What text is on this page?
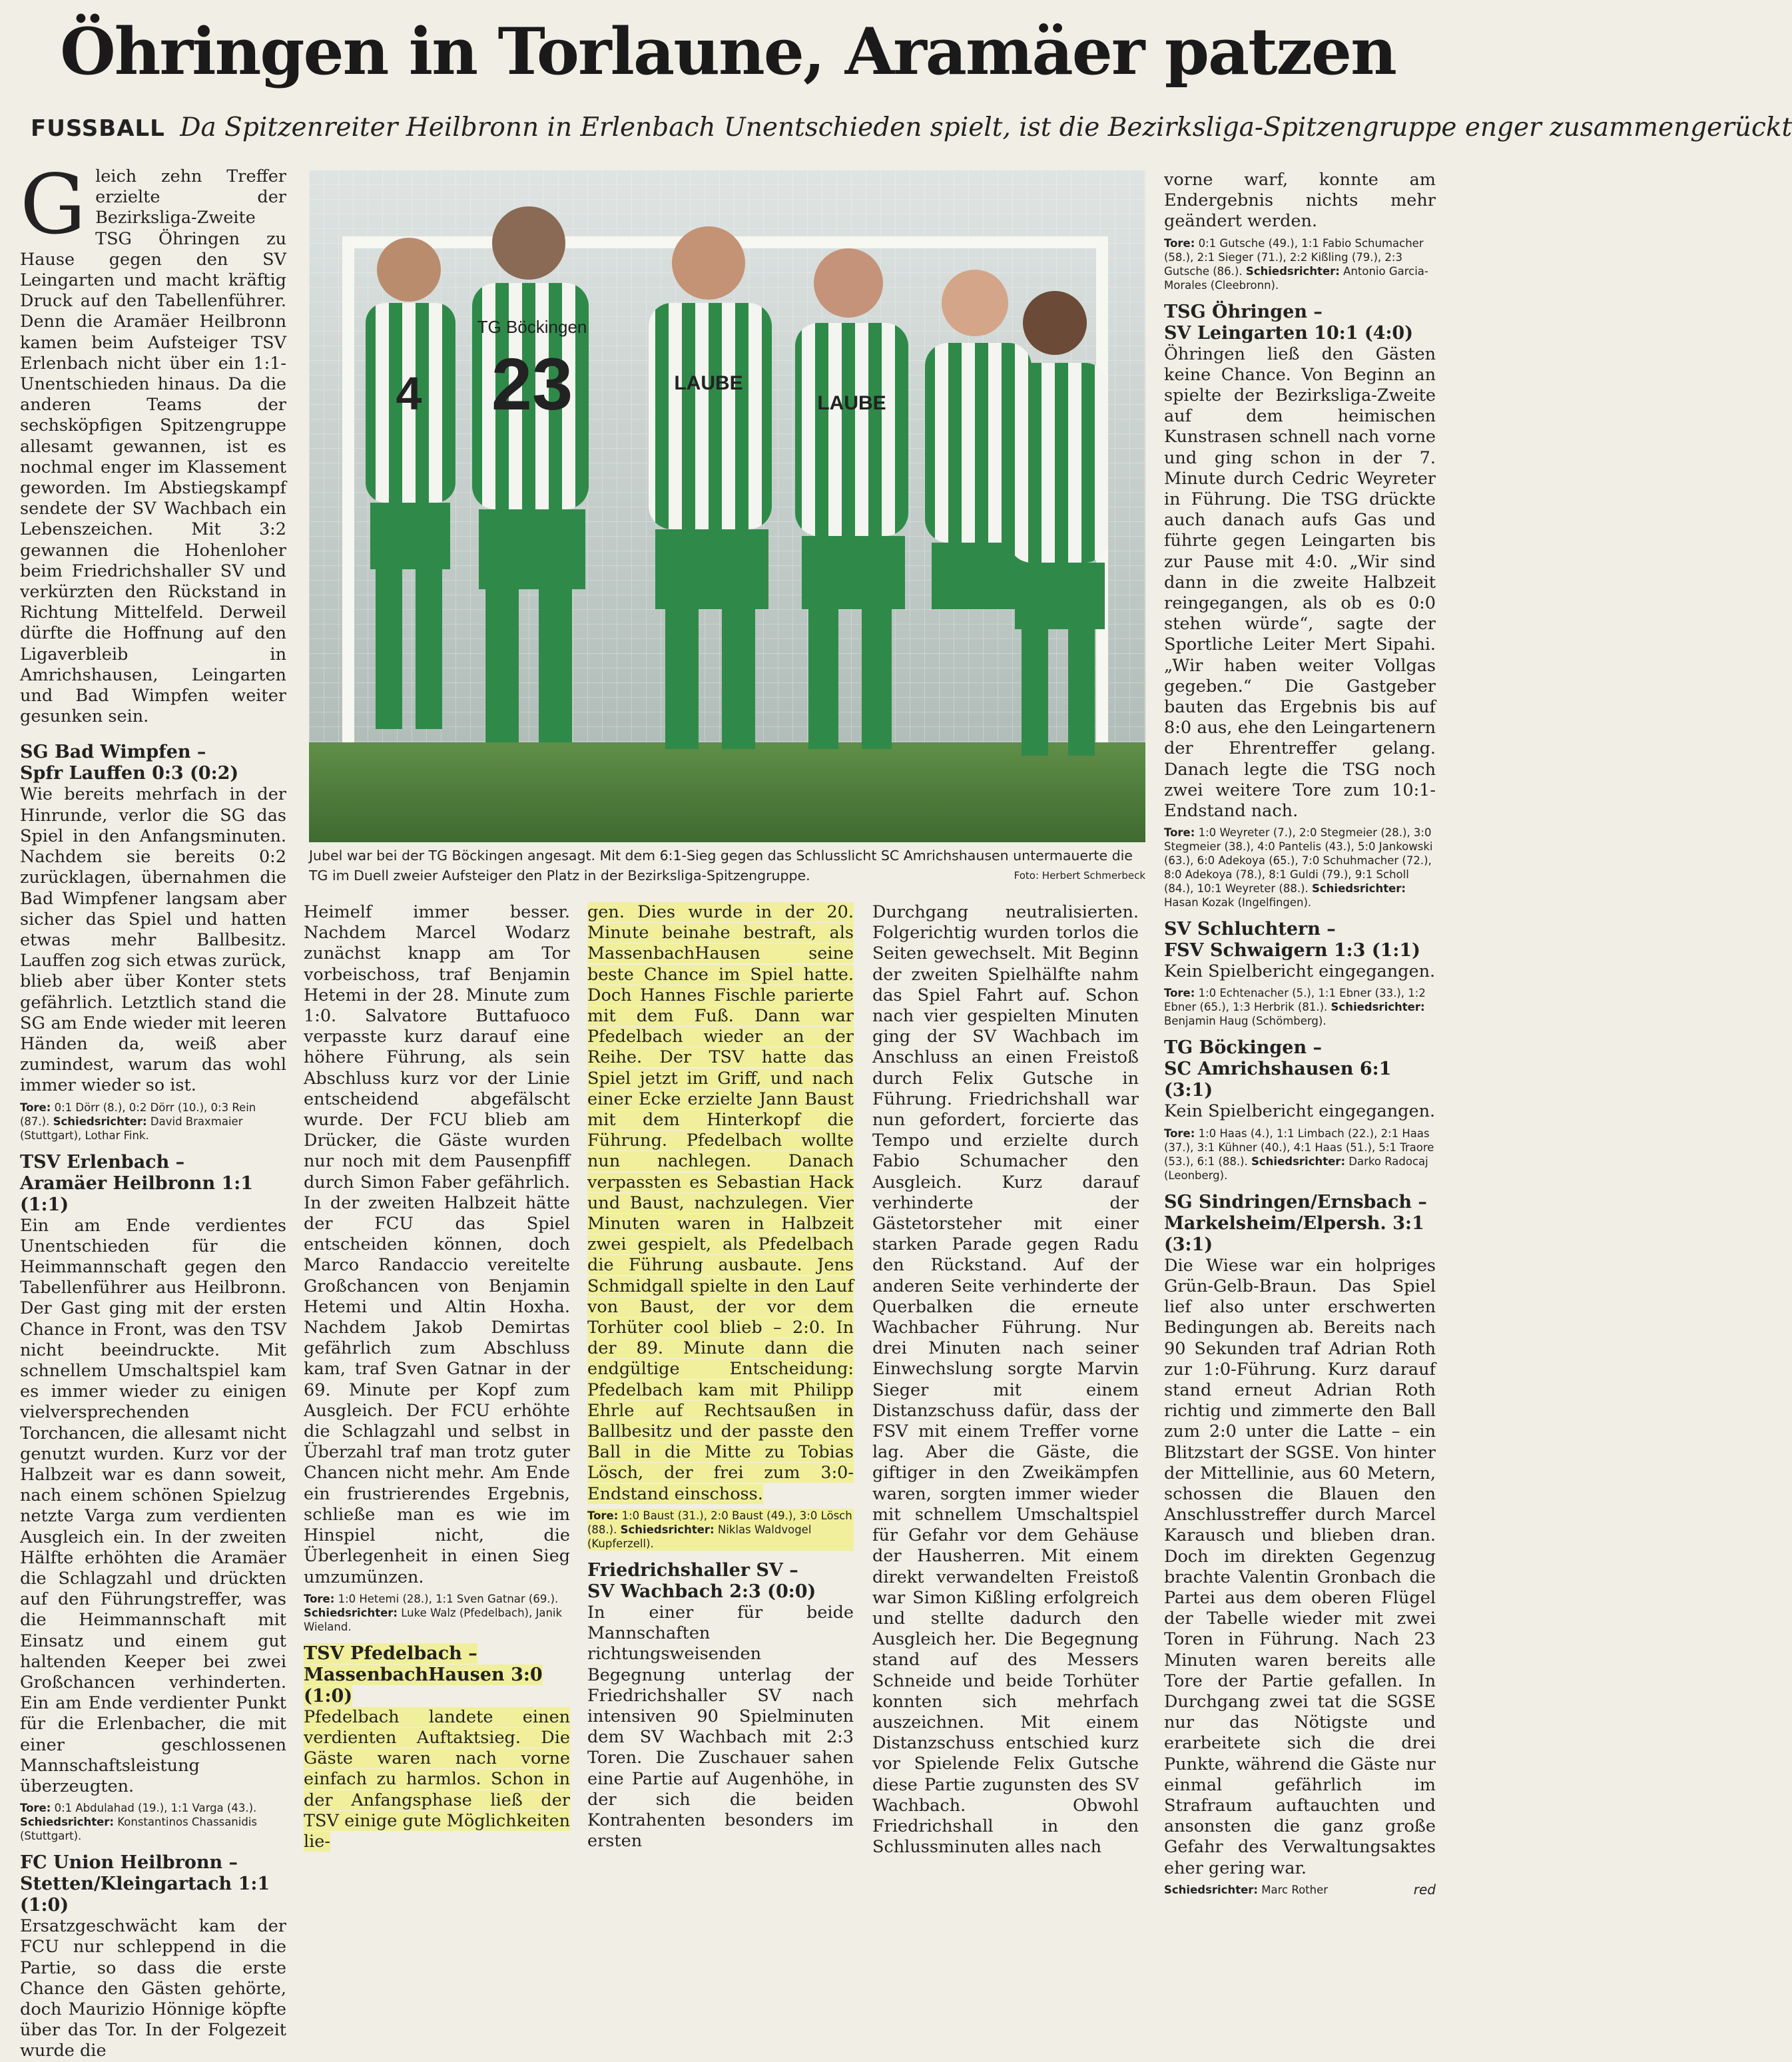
Öhringen in Torlaune, Aramäer patzen
FUSSBALL Da Spitzenreiter Heilbronn in Erlenbach Unentschieden spielt, ist die Bezirksliga-Spitzengruppe enger zusammengerückt

G leich zehn Treffer erzielte der Bezirksliga-Zweite TSG Öhringen zu Hause gegen den SV Leingarten und macht kräftig Druck auf den Tabellenführer. Denn die Aramäer Heilbronn kamen beim Aufsteiger TSV Erlenbach nicht über ein 1:1-Unentschieden hinaus. Da die anderen Teams der sechsköpfigen Spitzengruppe allesamt gewannen, ist es nochmal enger im Klassement geworden. Im Abstiegskampf sendete der SV Wachbach ein Lebenszeichen. Mit 3:2 gewannen die Hohenloher beim Friedrichshaller SV und verkürzten den Rückstand in Richtung Mittelfeld. Derweil dürfte die Hoffnung auf den Ligaverbleib in Amrichshausen, Leingarten und Bad Wimpfen weiter gesunken sein.

SG Bad Wimpfen –
Spfr Lauffen 0:3 (0:2)

Wie bereits mehrfach in der Hinrunde, verlor die SG das Spiel in den Anfangsminuten. Nachdem sie bereits 0:2 zurücklagen, übernahmen die Bad Wimpfener langsam aber sicher das Spiel und hatten etwas mehr Ballbesitz. Lauffen zog sich etwas zurück, blieb aber über Konter stets gefährlich. Letztlich stand die SG am Ende wieder mit leeren Händen da, weiß aber zumindest, warum das wohl immer wieder so ist.

Tore: 0:1 Dörr (8.), 0:2 Dörr (10.), 0:3 Rein (87.). Schiedsrichter: David Braxmaier (Stuttgart), Lothar Fink.
TSV Erlenbach –
Aramäer Heilbronn 1:1 (1:1)

Ein am Ende verdientes Unentschieden für die Heimmannschaft gegen den Tabellenführer aus Heilbronn. Der Gast ging mit der ersten Chance in Front, was den TSV nicht beeindruckte. Mit schnellem Umschaltspiel kam es immer wieder zu einigen vielversprechenden Torchancen, die allesamt nicht genutzt wurden. Kurz vor der Halbzeit war es dann soweit, nach einem schönen Spielzug netzte Varga zum verdienten Ausgleich ein. In der zweiten Hälfte erhöhten die Aramäer die Schlagzahl und drückten auf den Führungstreffer, was die Heimmannschaft mit Einsatz und einem gut haltenden Keeper bei zwei Großchancen verhinderten. Ein am Ende verdienter Punkt für die Erlenbacher, die mit einer geschlossenen Mannschaftsleistung überzeugten.

Tore: 0:1 Abdulahad (19.), 1:1 Varga (43.). Schiedsrichter: Konstantinos Chassanidis (Stuttgart).
FC Union Heilbronn –
Stetten/Kleingartach 1:1 (1:0)

Ersatzgeschwächt kam der FCU nur schleppend in die Partie, so dass die erste Chance den Gästen gehörte, doch Maurizio Hönnige köpfte über das Tor. In der Folgezeit wurde die

4
TG Böckingen
23	LAUBE
LAUBE
Jubel war bei der TG Böckingen angesagt. Mit dem 6:1-Sieg gegen das Schlusslicht SC Amrichshausen untermauerte die TG im Duell zweier Aufsteiger den Platz in der Bezirksliga-Spitzengruppe.	Foto: Herbert Schmerbeck

Heimelf immer besser. Nachdem Marcel Wodarz zunächst knapp am Tor vorbeischoss, traf Benjamin Hetemi in der 28. Minute zum 1:0. Salvatore Buttafuoco verpasste kurz darauf eine höhere Führung, als sein Abschluss kurz vor der Linie entscheidend abgefälscht wurde. Der FCU blieb am Drücker, die Gäste wurden nur noch mit dem Pausenpfiff durch Simon Faber gefährlich. In der zweiten Halbzeit hätte der FCU das Spiel entscheiden können, doch Marco Randaccio vereitelte Großchancen von Benjamin Hetemi und Altin Hoxha. Nachdem Jakob Demirtas gefährlich zum Abschluss kam, traf Sven Gatnar in der 69. Minute per Kopf zum Ausgleich. Der FCU erhöhte die Schlagzahl und selbst in Überzahl traf man trotz guter Chancen nicht mehr. Am Ende ein frustrierendes Ergebnis, schließe man es wie im Hinspiel nicht, die Überlegenheit in einen Sieg umzumünzen.

Tore: 1:0 Hetemi (28.), 1:1 Sven Gatnar (69.). Schiedsrichter: Luke Walz (Pfedelbach), Janik Wieland.
TSV Pfedelbach –
MassenbachHausen 3:0 (1:0)

Pfedelbach landete einen verdienten Auftaktsieg. Die Gäste waren nach vorne einfach zu harmlos. Schon in der Anfangsphase ließ der TSV einige gute Möglichkeiten lie-

gen. Dies wurde in der 20. Minute beinahe bestraft, als MassenbachHausen seine beste Chance im Spiel hatte. Doch Hannes Fischle parierte mit dem Fuß. Dann war Pfedelbach wieder an der Reihe. Der TSV hatte das Spiel jetzt im Griff, und nach einer Ecke erzielte Jann Baust mit dem Hinterkopf die Führung. Pfedelbach wollte nun nachlegen. Danach verpassten es Sebastian Hack und Baust, nachzulegen. Vier Minuten waren in Halbzeit zwei gespielt, als Pfedelbach die Führung ausbaute. Jens Schmidgall spielte in den Lauf von Baust, der vor dem Torhüter cool blieb – 2:0. In der 89. Minute dann die endgültige Entscheidung: Pfedelbach kam mit Philipp Ehrle auf Rechtsaußen in Ballbesitz und der passte den Ball in die Mitte zu Tobias Lösch, der frei zum 3:0-Endstand einschoss.

Tore: 1:0 Baust (31.), 2:0 Baust (49.), 3:0 Lösch (88.). Schiedsrichter: Niklas Waldvogel (Kupferzell).
Friedrichshaller SV –
SV Wachbach 2:3 (0:0)

In einer für beide Mannschaften richtungsweisenden Begegnung unterlag der Friedrichshaller SV nach intensiven 90 Spielminuten dem SV Wachbach mit 2:3 Toren. Die Zuschauer sahen eine Partie auf Augenhöhe, in der sich die beiden Kontrahenten besonders im ersten

Durchgang neutralisierten. Folgerichtig wurden torlos die Seiten gewechselt. Mit Beginn der zweiten Spielhälfte nahm das Spiel Fahrt auf. Schon nach vier gespielten Minuten ging der SV Wachbach im Anschluss an einen Freistoß durch Felix Gutsche in Führung. Friedrichshall war nun gefordert, forcierte das Tempo und erzielte durch Fabio Schumacher den Ausgleich. Kurz darauf verhinderte der Gästetorsteher mit einer starken Parade gegen Radu den Rückstand. Auf der anderen Seite verhinderte der Querbalken die erneute Wachbacher Führung. Nur drei Minuten nach seiner Einwechslung sorgte Marvin Sieger mit einem Distanzschuss dafür, dass der FSV mit einem Treffer vorne lag. Aber die Gäste, die giftiger in den Zweikämpfen waren, sorgten immer wieder mit schnellem Umschaltspiel für Gefahr vor dem Gehäuse der Hausherren. Mit einem direkt verwandelten Freistoß war Simon Kißling erfolgreich und stellte dadurch den Ausgleich her. Die Begegnung stand auf des Messers Schneide und beide Torhüter konnten sich mehrfach auszeichnen. Mit einem Distanzschuss entschied kurz vor Spielende Felix Gutsche diese Partie zugunsten des SV Wachbach. Obwohl Friedrichshall in den Schlussminuten alles nach

vorne warf, konnte am Endergebnis nichts mehr geändert werden.

Tore: 0:1 Gutsche (49.), 1:1 Fabio Schumacher (58.), 2:1 Sieger (71.), 2:2 Kißling (79.), 2:3 Gutsche (86.). Schiedsrichter: Antonio Garcia-Morales (Cleebronn).
TSG Öhringen –
SV Leingarten 10:1 (4:0)

Öhringen ließ den Gästen keine Chance. Von Beginn an spielte der Bezirksliga-Zweite auf dem heimischen Kunstrasen schnell nach vorne und ging schon in der 7. Minute durch Cedric Weyreter in Führung. Die TSG drückte auch danach aufs Gas und führte gegen Leingarten bis zur Pause mit 4:0. „Wir sind dann in die zweite Halbzeit reingegangen, als ob es 0:0 stehen würde“, sagte der Sportliche Leiter Mert Sipahi. „Wir haben weiter Vollgas gegeben.“ Die Gastgeber bauten das Ergebnis bis auf 8:0 aus, ehe den Leingartenern der Ehrentreffer gelang. Danach legte die TSG noch zwei weitere Tore zum 10:1-Endstand nach.

Tore: 1:0 Weyreter (7.), 2:0 Stegmeier (28.), 3:0 Stegmeier (38.), 4:0 Pantelis (43.), 5:0 Jankowski (63.), 6:0 Adekoya (65.), 7:0 Schuhmacher (72.), 8:0 Adekoya (78.), 8:1 Guldi (79.), 9:1 Scholl (84.), 10:1 Weyreter (88.). Schiedsrichter: Hasan Kozak (Ingelfingen).
SV Schluchtern –
FSV Schwaigern 1:3 (1:1)

Kein Spielbericht eingegangen.

Tore: 1:0 Echtenacher (5.), 1:1 Ebner (33.), 1:2 Ebner (65.), 1:3 Herbrik (81.). Schiedsrichter: Benjamin Haug (Schömberg).
TG Böckingen –
SC Amrichshausen 6:1 (3:1)

Kein Spielbericht eingegangen.

Tore: 1:0 Haas (4.), 1:1 Limbach (22.), 2:1 Haas (37.), 3:1 Kühner (40.), 4:1 Haas (51.), 5:1 Traore (53.), 6:1 (88.). Schiedsrichter: Darko Radocaj (Leonberg).
SG Sindringen/Ernsbach –
Markelsheim/Elpersh. 3:1 (3:1)

Die Wiese war ein holpriges Grün-Gelb-Braun. Das Spiel lief also unter erschwerten Bedingungen ab. Bereits nach 90 Sekunden traf Adrian Roth zur 1:0-Führung. Kurz darauf stand erneut Adrian Roth richtig und zimmerte den Ball zum 2:0 unter die Latte – ein Blitzstart der SGSE. Von hinter der Mittellinie, aus 60 Metern, schossen die Blauen den Anschlusstreffer durch Marcel Karausch und blieben dran. Doch im direkten Gegenzug brachte Valentin Gronbach die Partei aus dem oberen Flügel der Tabelle wieder mit zwei Toren in Führung. Nach 23 Minuten waren bereits alle Tore der Partie gefallen. In Durchgang zwei tat die SGSE nur das Nötigste und erarbeitete sich die drei Punkte, während die Gäste nur einmal gefährlich im Strafraum auftauchten und ansonsten die ganz große Gefahr des Verwaltungsaktes eher gering war.

Schiedsrichter: Marc Rother	red
